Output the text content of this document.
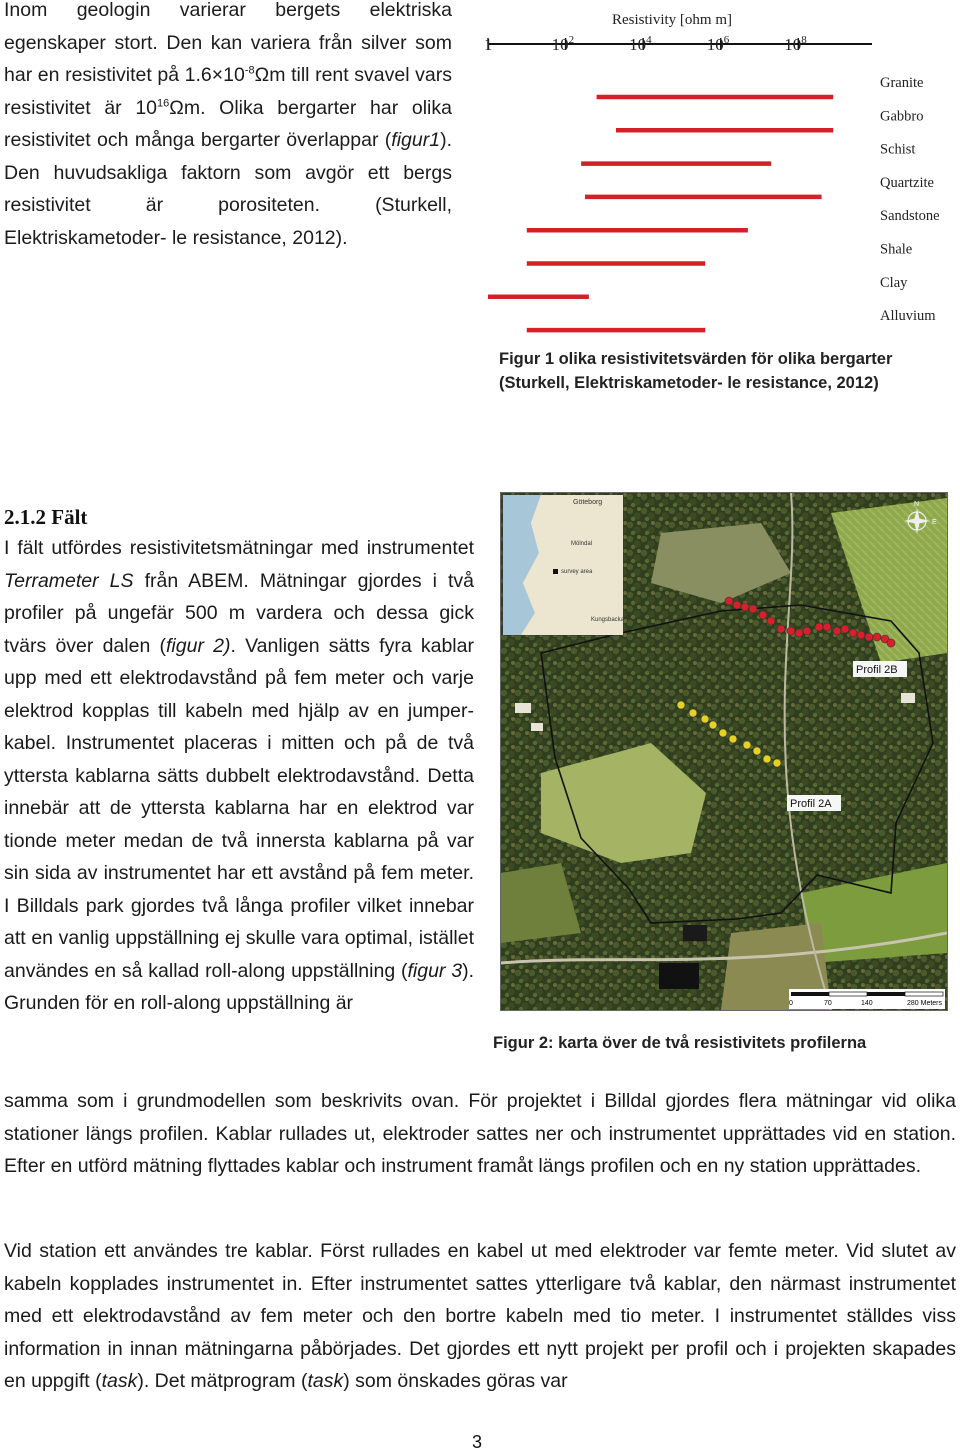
Inom geologin varierar bergets elektriska egenskaper stort. Den kan variera från silver som har en resistivitet på $1.6\times 10^{-8}\Omega m$ till rent svavel vars resistivitet är $10^{16}\Omega m$. Olika bergarter har olika resistivitet och många bergarter överlappar (figur1). Den huvudsakliga faktorn som avgör ett bergs resistivitet är porositeten. (Sturkell, Elektriskametoder- le resistance, 2012).
Resistivity [ohm m]
1	$10^2$	$10^4$	$10^6$	$10^8$
Granite
Gabbro
Schist
Quartzite
Sandstone
Shale
Clay
Alluvium
Figur 1 olika resistivitetsvärden för olika bergarter
(Sturkell, Elektriskametoder- le resistance, 2012)
2.1.2 Fält
I fält utfördes resistivitetsmätningar med instrumentet Terrameter LS från ABEM. Mätningar gjordes i två profiler på ungefär 500 m vardera och dessa gick tvärs över dalen (figur 2). Vanligen sätts fyra kablar upp med ett elektrodavstånd på fem meter och varje elektrod kopplas till kabeln med hjälp av en jumper-kabel. Instrumentet placeras i mitten och på de två yttersta kablarna sätts dubbelt elektrodavstånd. Detta innebär att de yttersta kablarna har en elektrod var tionde meter medan de två innersta kablarna på var sin sida av instrumentet har ett avstånd på fem meter. I Billdals park gjordes två långa profiler vilket innebar att en vanlig uppställning ej skulle vara optimal, istället användes en så kallad roll-along uppställning (figur 3). Grunden för en roll-along uppställning är
Göteborg
survey area
Mölndal
Kungsbacka
N
E
Profil 2B
Profil 2A
0	70	140	280 Meters
Figur 2: karta över de två resistivitets profilerna
samma som i grundmodellen som beskrivits ovan. För projektet i Billdal gjordes flera mätningar vid olika stationer längs profilen. Kablar rullades ut, elektroder sattes ner och instrumentet upprättades vid en station. Efter en utförd mätning flyttades kablar och instrument framåt längs profilen och en ny station upprättades.
Vid station ett användes tre kablar. Först rullades en kabel ut med elektroder var femte meter. Vid slutet av kabeln kopplades instrumentet in. Efter instrumentet sattes ytterligare två kablar, den närmast instrumentet med ett elektrodavstånd av fem meter och den bortre kabeln med tio meter. I instrumentet ställdes viss information in innan mätningarna påbörjades. Det gjordes ett nytt projekt per profil och i projekten skapades en uppgift (task). Det mätprogram (task) som önskades göras var
3
